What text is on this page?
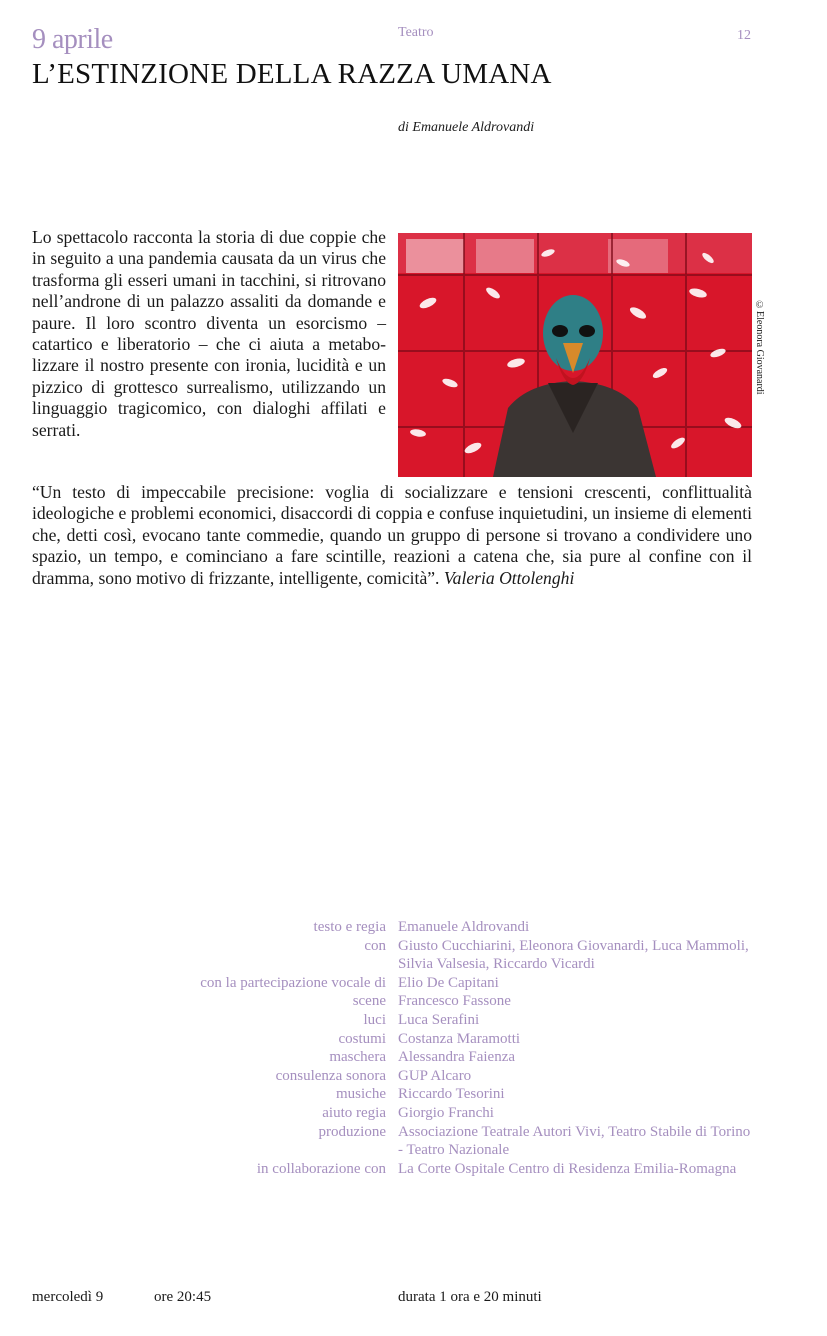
9 aprile	Teatro	12
L’ESTINZIONE DELLA RAZZA UMANA
di Emanuele Aldrovandi
Lo spettacolo racconta la storia di due coppie che in seguito a una pandemia causata da un virus che trasforma gli esseri umani in tacchini, si ritrovano nell’androne di un palazzo assaliti da domande e paure. Il loro scontro diventa un esorcismo – catartico e liberatorio – che ci aiuta a metabolizzare il nostro presente con ironia, lucidità e un pizzico di grottesco surrealismo, utilizzando un linguaggio tragicomico, con dialoghi affilati e serrati.
©Eleonora Giovanardi
“Un testo di impeccabile precisione: voglia di socializzare e tensioni crescenti, conflittualità ideologiche e problemi economici, disaccordi di coppia e confuse inquietudini, un insieme di elementi che, detti così, evocano tante commedie, quando un gruppo di persone si trovano a condividere uno spazio, un tempo, e cominciano a fare scintille, reazioni a catena che, sia pure al confine con il dramma, sono motivo di frizzante, intelligente, comicità”. Valeria Ottolenghi
testo e regia Emanuele Aldrovandi
con Giusto Cucchiarini, Eleonora Giovanardi, Luca Mammoli, Silvia Valsesia, Riccardo Vicardi
con la partecipazione vocale di Elio De Capitani
scene Francesco Fassone
luci Luca Serafini
costumi Costanza Maramotti
maschera Alessandra Faienza
consulenza sonora GUP Alcaro
musiche Riccardo Tesorini
aiuto regia Giorgio Franchi
produzione Associazione Teatrale Autori Vivi, Teatro Stabile di Torino - Teatro Nazionale
in collaborazione con La Corte Ospitale Centro di Residenza Emilia-Romagna
mercoledì 9	ore 20:45	durata 1 ora e 20 minuti
